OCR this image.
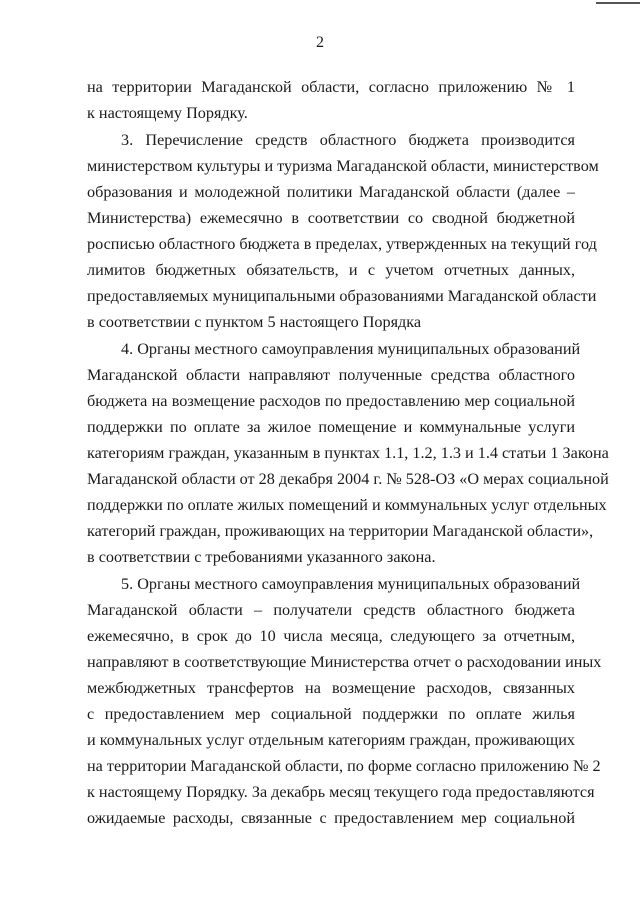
2
на территории Магаданской области, согласно приложению № 1
к настоящему Порядку.
3. Перечисление средств областного бюджета производится
министерством культуры и туризма Магаданской области, министерством
образования и молодежной политики Магаданской области (далее –
Министерства) ежемесячно в соответствии со сводной бюджетной
росписью областного бюджета в пределах, утвержденных на текущий год
лимитов бюджетных обязательств, и с учетом отчетных данных,
предоставляемых муниципальными образованиями Магаданской области
в соответствии с пунктом 5 настоящего Порядка
4. Органы местного самоуправления муниципальных образований
Магаданской области направляют полученные средства областного
бюджета на возмещение расходов по предоставлению мер социальной
поддержки по оплате за жилое помещение и коммунальные услуги
категориям граждан, указанным в пунктах 1.1, 1.2, 1.3 и 1.4 статьи 1 Закона
Магаданской области от 28 декабря 2004 г. № 528-ОЗ «О мерах социальной
поддержки по оплате жилых помещений и коммунальных услуг отдельных
категорий граждан, проживающих на территории Магаданской области»,
в соответствии с требованиями указанного закона.
5. Органы местного самоуправления муниципальных образований
Магаданской области – получатели средств областного бюджета
ежемесячно, в срок до 10 числа месяца, следующего за отчетным,
направляют в соответствующие Министерства отчет о расходовании иных
межбюджетных трансфертов на возмещение расходов, связанных
с предоставлением мер социальной поддержки по оплате жилья
и коммунальных услуг отдельным категориям граждан, проживающих
на территории Магаданской области, по форме согласно приложению № 2
к настоящему Порядку. За декабрь месяц текущего года предоставляются
ожидаемые расходы, связанные с предоставлением мер социальной
